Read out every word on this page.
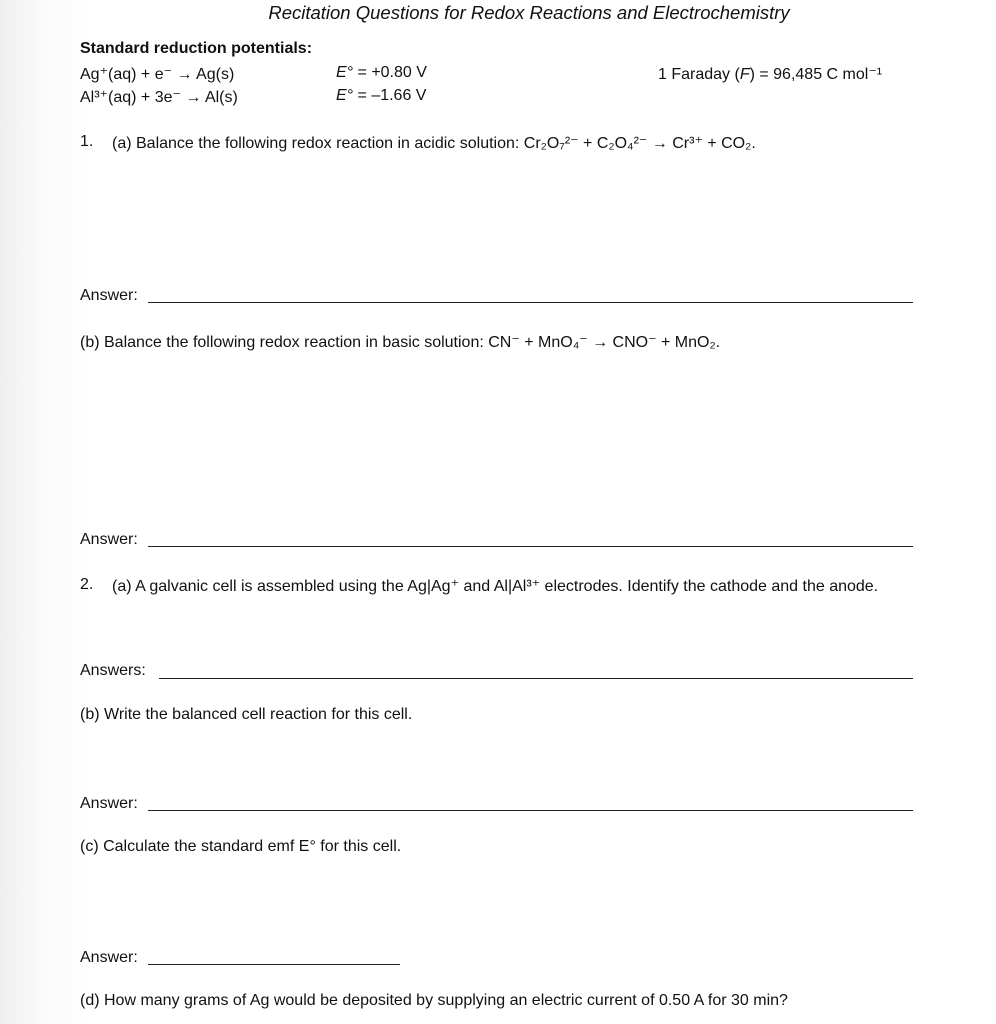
Recitation Questions for Redox Reactions and Electrochemistry
Standard reduction potentials:
Ag⁺(aq) + e⁻ → Ag(s)	E° = +0.80 V	1 Faraday (F) = 96,485 C mol⁻¹
Al³⁺(aq) + 3e⁻ → Al(s)	E° = –1.66 V
1. (a) Balance the following redox reaction in acidic solution: Cr₂O₇²⁻ + C₂O₄²⁻ → Cr³⁺ + CO₂.
Answer:
(b) Balance the following redox reaction in basic solution: CN⁻ + MnO₄⁻ → CNO⁻ + MnO₂.
Answer:
2. (a) A galvanic cell is assembled using the Ag|Ag⁺ and Al|Al³⁺ electrodes. Identify the cathode and the anode.
Answers:
(b) Write the balanced cell reaction for this cell.
Answer:
(c) Calculate the standard emf E° for this cell.
Answer:
(d) How many grams of Ag would be deposited by supplying an electric current of 0.50 A for 30 min?
